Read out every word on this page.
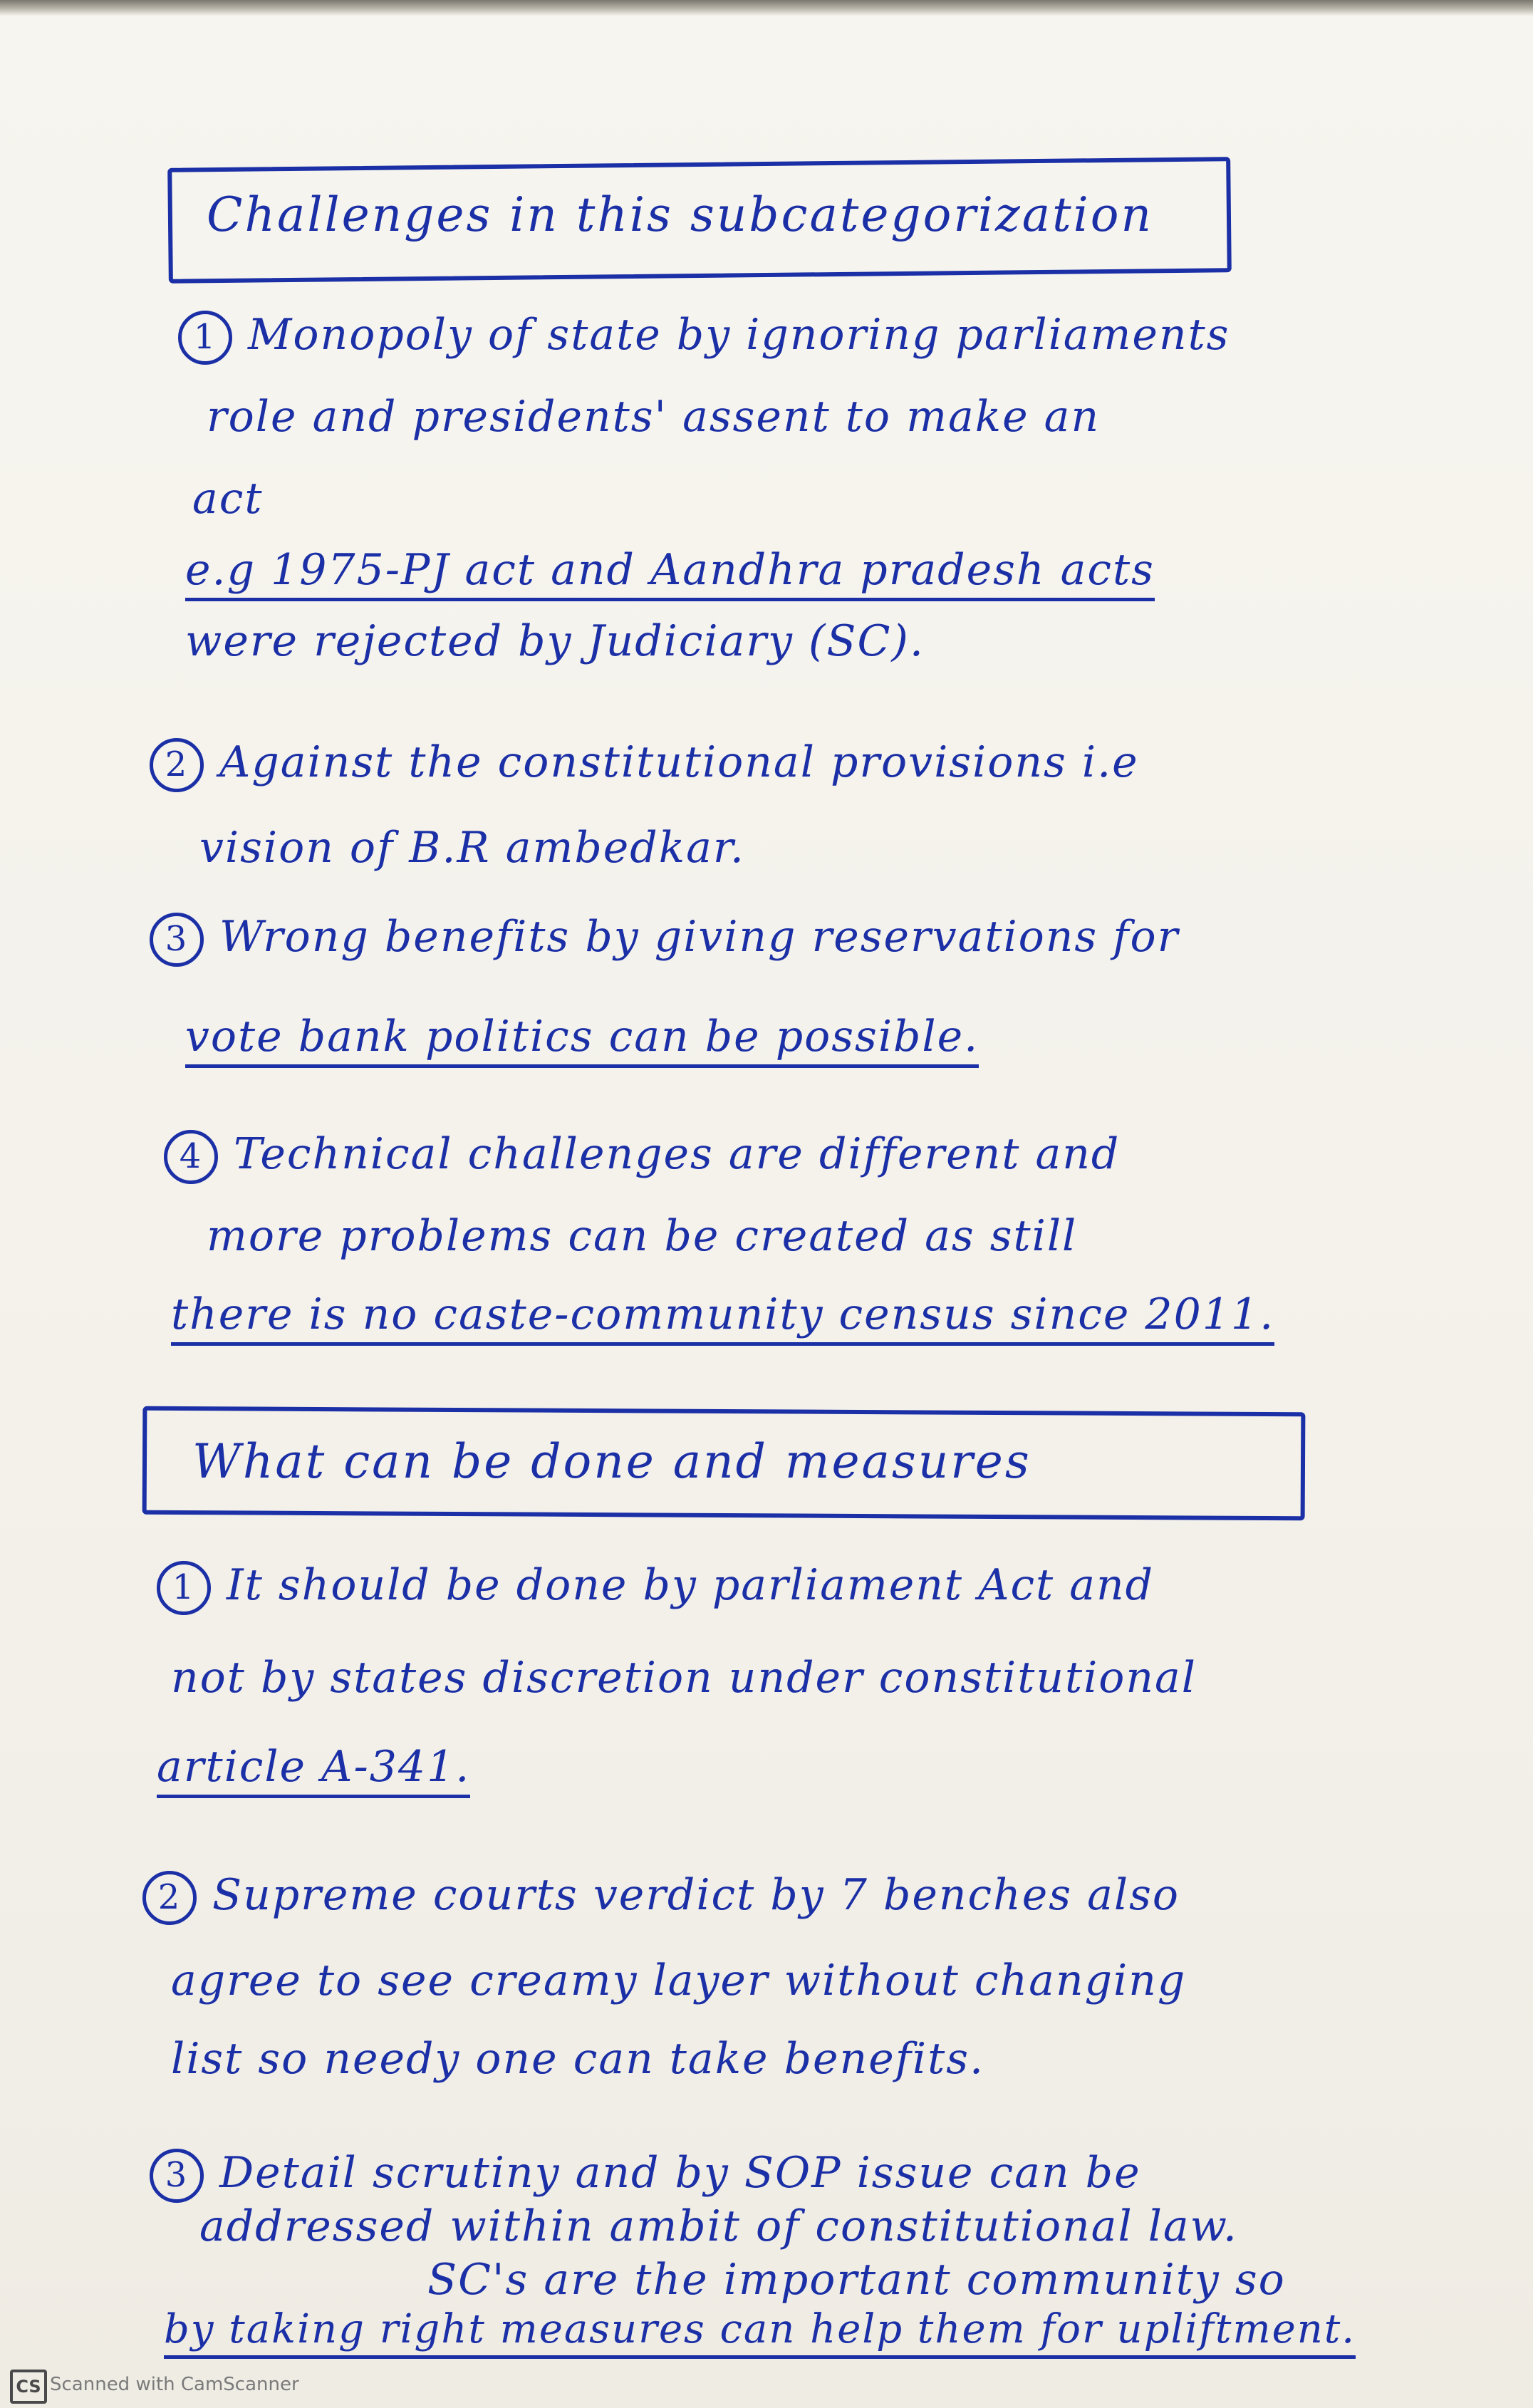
Challenges in this subcategorization
1 Monopoly of state by ignoring parliaments
role and presidents' assent to make an
act
e.g 1975-PJ act and Aandhra pradesh acts
were rejected by Judiciary (SC).
2 Against the constitutional provisions i.e
vision of B.R ambedkar.
3 Wrong benefits by giving reservations for
vote bank politics can be possible.
4 Technical challenges are different and
more problems can be created as still
there is no caste-community census since 2011.
What can be done and measures
1 It should be done by parliament Act and
not by states discretion under constitutional
article A-341.
2 Supreme courts verdict by 7 benches also
agree to see creamy layer without changing
list so needy one can take benefits.
3 Detail scrutiny and by SOP issue can be
addressed within ambit of constitutional law.
SC's are the important community so
by taking right measures can help them for upliftment.
CS Scanned with CamScanner
